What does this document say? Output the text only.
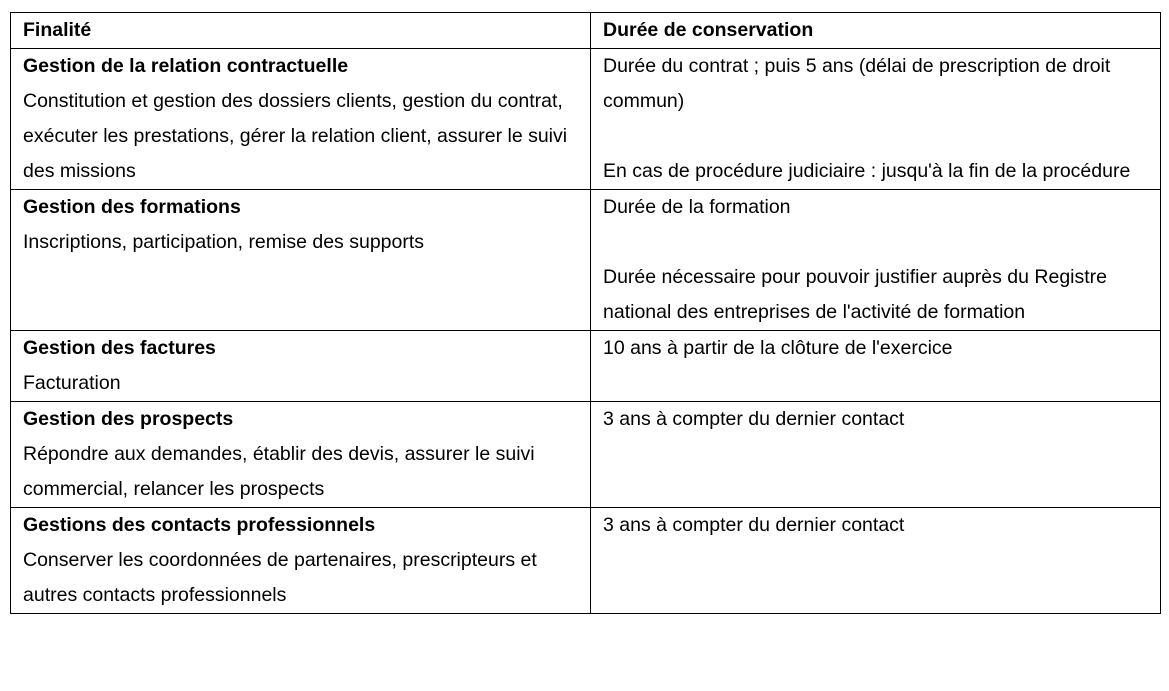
Finalité	Durée de conservation

Gestion de la relation contractuelle
Constitution et gestion des dossiers clients, gestion du contrat, exécuter les prestations, gérer la relation client, assurer le suivi des missions	Durée du contrat ; puis 5 ans (délai de prescription de droit commun)
En cas de procédure judiciaire : jusqu'à la fin de la procédure

Gestion des formations
Inscriptions, participation, remise des supports	Durée de la formation
Durée nécessaire pour pouvoir justifier auprès du Registre national des entreprises de l'activité de formation

Gestion des factures
Facturation	10 ans à partir de la clôture de l'exercice

Gestion des prospects
Répondre aux demandes, établir des devis, assurer le suivi commercial, relancer les prospects	3 ans à compter du dernier contact

Gestions des contacts professionnels
Conserver les coordonnées de partenaires, prescripteurs et autres contacts professionnels	3 ans à compter du dernier contact
